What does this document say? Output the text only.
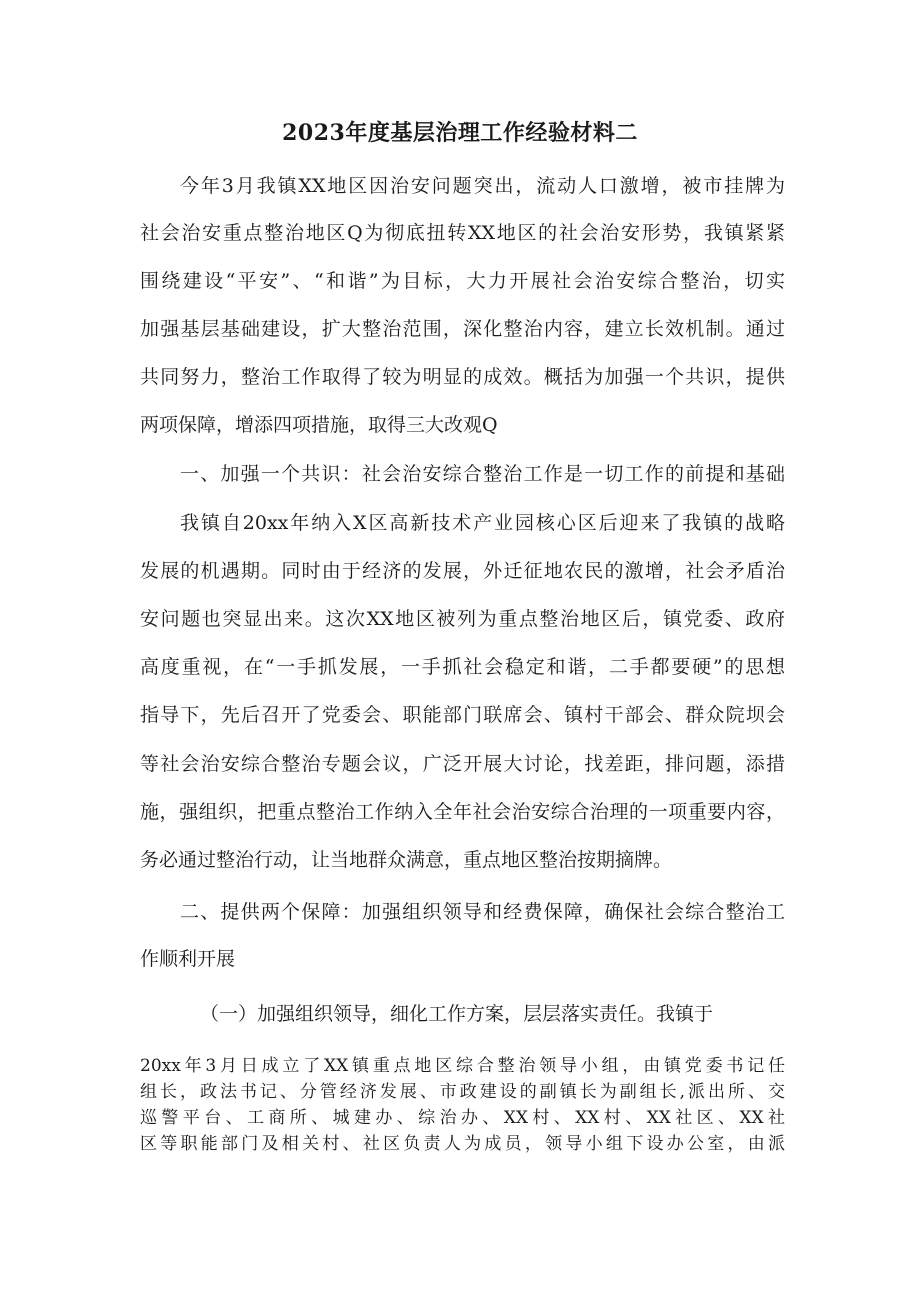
2023年度基层治理工作经验材料二
今年3月我镇XX地区因治安问题突出，流动人口激增，被市挂牌为
社会治安重点整治地区Q为彻底扭转XX地区的社会治安形势，我镇紧紧
围绕建设“平安”、“和谐”为目标，大力开展社会治安综合整治，切实
加强基层基础建设，扩大整治范围，深化整治内容，建立长效机制。通过
共同努力，整治工作取得了较为明显的成效。概括为加强一个共识，提供
两项保障，增添四项措施，取得三大改观Q
一、加强一个共识：社会治安综合整治工作是一切工作的前提和基础
我镇自20xx年纳入X区高新技术产业园核心区后迎来了我镇的战略
发展的机遇期。同时由于经济的发展，外迁征地农民的激增，社会矛盾治
安问题也突显出来。这次XX地区被列为重点整治地区后，镇党委、政府
高度重视，在“一手抓发展，一手抓社会稳定和谐，二手都要硬”的思想
指导下，先后召开了党委会、职能部门联席会、镇村干部会、群众院坝会
等社会治安综合整治专题会议，广泛开展大讨论，找差距，排问题，添措
施，强组织，把重点整治工作纳入全年社会治安综合治理的一项重要内容，
务必通过整治行动，让当地群众满意，重点地区整治按期摘牌。
二、提供两个保障：加强组织领导和经费保障，确保社会综合整治工
作顺利开展
（一）加强组织领导，细化工作方案，层层落实责任。我镇于
20xx年3月日成立了XX镇重点地区综合整治领导小组，由镇党委书记任
组长，政法书记、分管经济发展、市政建设的副镇长为副组长,派出所、交
巡警平台、工商所、城建办、综治办、XX村、XX村、XX社区、XX社
区等职能部门及相关村、社区负责人为成员，领导小组下设办公室，由派
